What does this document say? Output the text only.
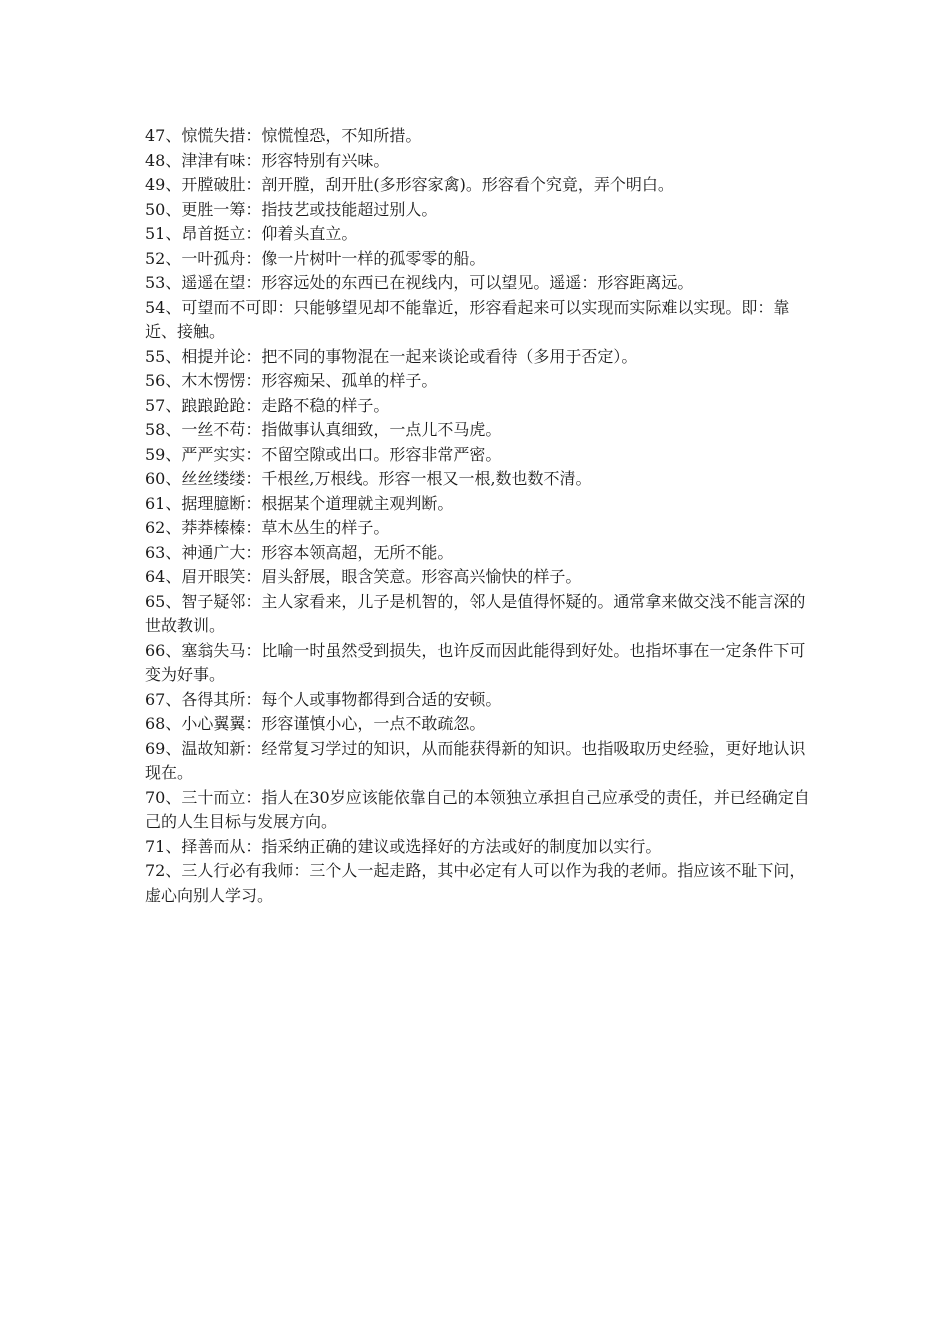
47、惊慌失措：惊慌惶恐，不知所措。
48、津津有味：形容特别有兴味。
49、开膛破肚：剖开膛，刮开肚(多形容家禽)。形容看个究竟，弄个明白。
50、更胜一筹：指技艺或技能超过别人。
51、昂首挺立：仰着头直立。
52、一叶孤舟：像一片树叶一样的孤零零的船。
53、遥遥在望：形容远处的东西已在视线内，可以望见。遥遥：形容距离远。
54、可望而不可即：只能够望见却不能靠近，形容看起来可以实现而实际难以实现。即：靠近、接触。
55、相提并论：把不同的事物混在一起来谈论或看待（多用于否定）。
56、木木愣愣：形容痴呆、孤单的样子。
57、踉踉跄跄：走路不稳的样子。
58、一丝不苟：指做事认真细致，一点儿不马虎。
59、严严实实：不留空隙或出口。形容非常严密。
60、丝丝缕缕：千根丝,万根线。形容一根又一根,数也数不清。
61、据理臆断：根据某个道理就主观判断。
62、莽莽榛榛：草木丛生的样子。
63、神通广大：形容本领高超，无所不能。
64、眉开眼笑：眉头舒展，眼含笑意。形容高兴愉快的样子。
65、智子疑邻：主人家看来，儿子是机智的，邻人是值得怀疑的。通常拿来做交浅不能言深的世故教训。
66、塞翁失马：比喻一时虽然受到损失，也许反而因此能得到好处。也指坏事在一定条件下可变为好事。
67、各得其所：每个人或事物都得到合适的安顿。
68、小心翼翼：形容谨慎小心，一点不敢疏忽。
69、温故知新：经常复习学过的知识，从而能获得新的知识。也指吸取历史经验，更好地认识现在。
70、三十而立：指人在30岁应该能依靠自己的本领独立承担自己应承受的责任，并已经确定自己的人生目标与发展方向。
71、择善而从：指采纳正确的建议或选择好的方法或好的制度加以实行。
72、三人行必有我师：三个人一起走路，其中必定有人可以作为我的老师。指应该不耻下问，虚心向别人学习。
